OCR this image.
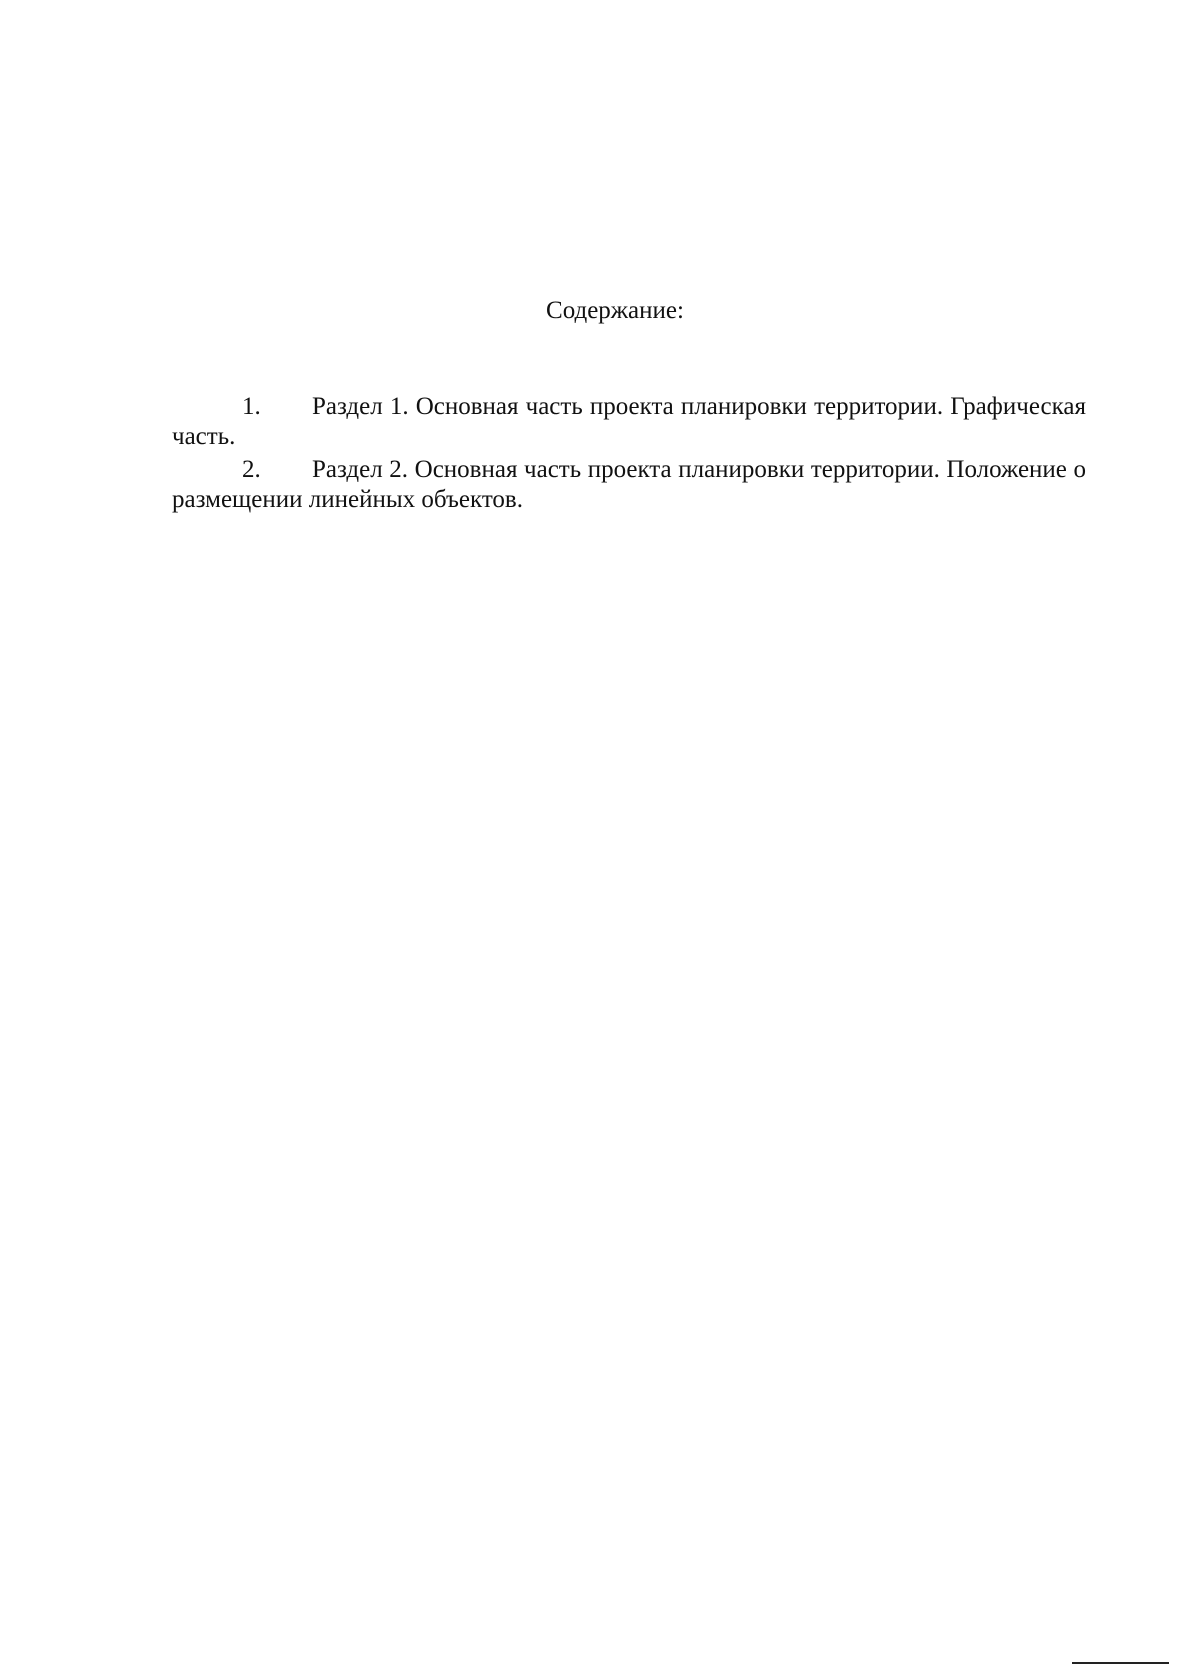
Содержание:

1. Раздел 1. Основная часть проекта планировки территории. Графическая часть.

2. Раздел 2. Основная часть проекта планировки территории. Положение о размещении линейных объектов.
